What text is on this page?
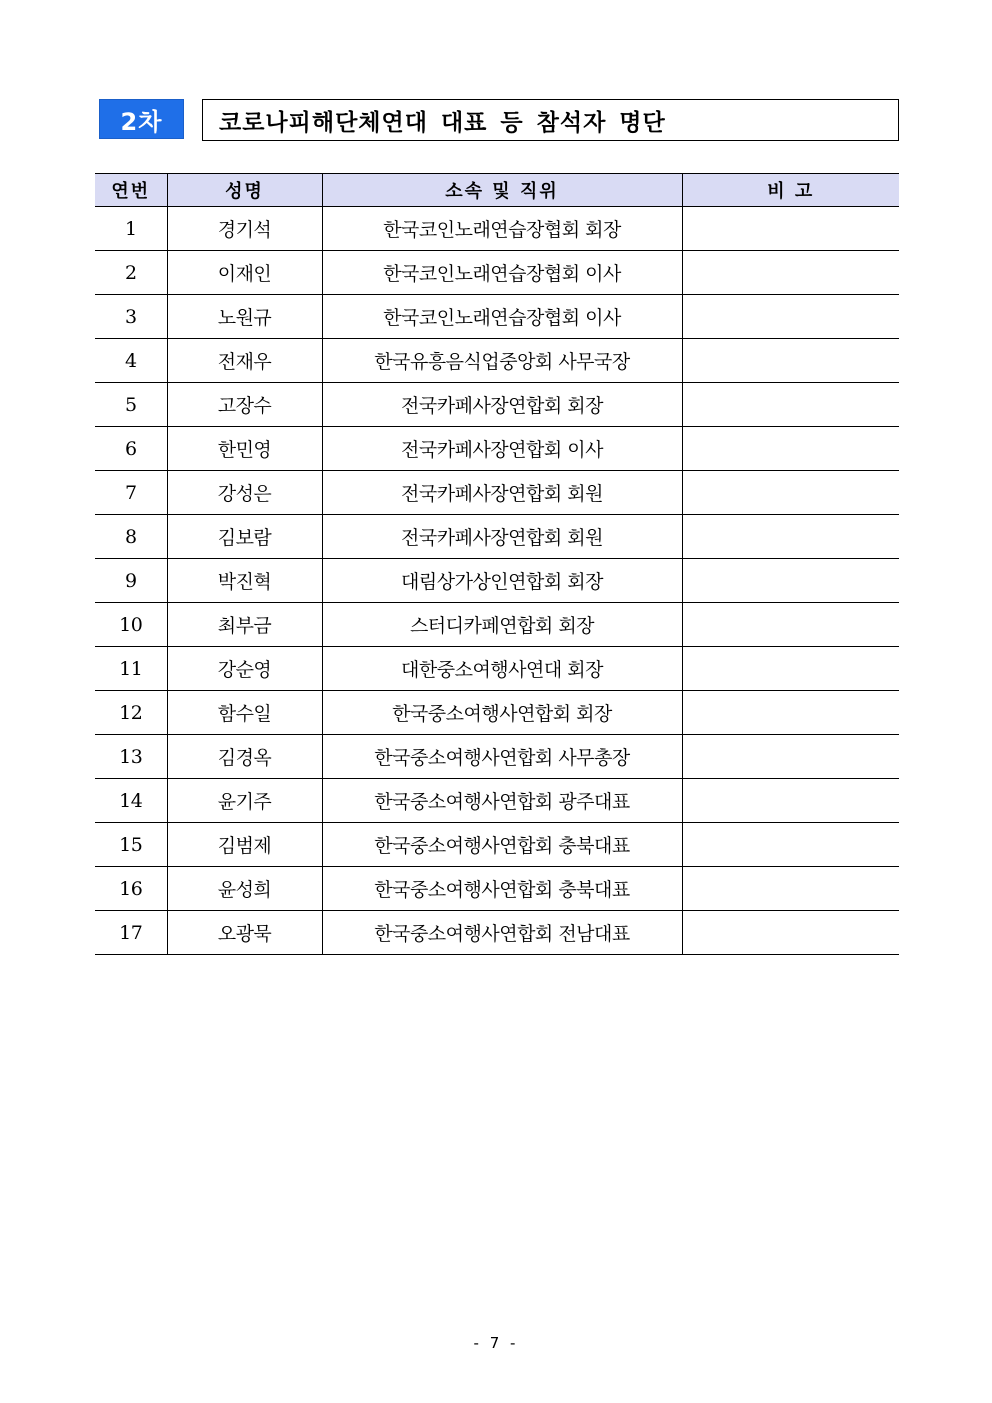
2차	코로나피해단체연대 대표 등 참석자 명단
연번	성명	소속 및 직위	비 고
1	경기석	한국코인노래연습장협회 회장	
2	이재인	한국코인노래연습장협회 이사	
3	노원규	한국코인노래연습장협회 이사	
4	전재우	한국유흥음식업중앙회 사무국장	
5	고장수	전국카페사장연합회 회장	
6	한민영	전국카페사장연합회 이사	
7	강성은	전국카페사장연합회 회원	
8	김보람	전국카페사장연합회 회원	
9	박진혁	대림상가상인연합회 회장	
10	최부금	스터디카페연합회 회장	
11	강순영	대한중소여행사연대 회장	
12	함수일	한국중소여행사연합회 회장	
13	김경옥	한국중소여행사연합회 사무총장	
14	윤기주	한국중소여행사연합회 광주대표	
15	김범제	한국중소여행사연합회 충북대표	
16	윤성희	한국중소여행사연합회 충북대표	
17	오광묵	한국중소여행사연합회 전남대표	
- 7 -
